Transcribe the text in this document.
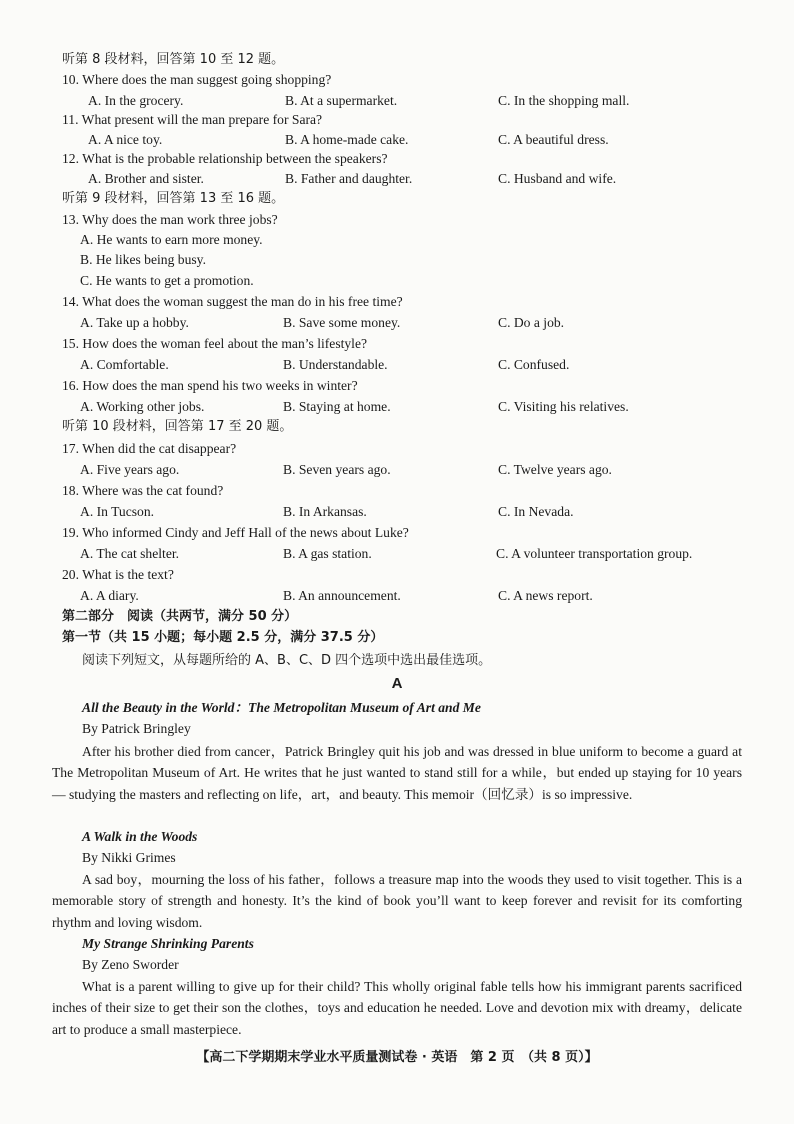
听第 8 段材料，回答第 10 至 12 题。
10. Where does the man suggest going shopping?
A. In the grocery.	B. At a supermarket.	C. In the shopping mall.
11. What present will the man prepare for Sara?
A. A nice toy.	B. A home-made cake.	C. A beautiful dress.
12. What is the probable relationship between the speakers?
A. Brother and sister.	B. Father and daughter.	C. Husband and wife.
听第 9 段材料，回答第 13 至 16 题。
13. Why does the man work three jobs?
A. He wants to earn more money.
B. He likes being busy.
C. He wants to get a promotion.
14. What does the woman suggest the man do in his free time?
A. Take up a hobby.	B. Save some money.	C. Do a job.
15. How does the woman feel about the man’s lifestyle?
A. Comfortable.	B. Understandable.	C. Confused.
16. How does the man spend his two weeks in winter?
A. Working other jobs.	B. Staying at home.	C. Visiting his relatives.
听第 10 段材料，回答第 17 至 20 题。
17. When did the cat disappear?
A. Five years ago.	B. Seven years ago.	C. Twelve years ago.
18. Where was the cat found?
A. In Tucson.	B. In Arkansas.	C. In Nevada.
19. Who informed Cindy and Jeff Hall of the news about Luke?
A. The cat shelter.	B. A gas station.	C. A volunteer transportation group.
20. What is the text?
A. A diary.	B. An announcement.	C. A news report.
第二部分　阅读（共两节，满分 50 分）
第一节（共 15 小题；每小题 2.5 分，满分 37.5 分）
阅读下列短文，从每题所给的 A、B、C、D 四个选项中选出最佳选项。
A
All the Beauty in the World：The Metropolitan Museum of Art and Me
By Patrick Bringley
After his brother died from cancer，Patrick Bringley quit his job and was dressed in blue uniform to become a guard at The Metropolitan Museum of Art. He writes that he just wanted to stand still for a while，but ended up staying for 10 years — studying the masters and reflecting on life，art，and beauty. This memoir（回忆录）is so impressive.
A Walk in the Woods
By Nikki Grimes
A sad boy，mourning the loss of his father，follows a treasure map into the woods they used to visit together. This is a memorable story of strength and honesty. It’s the kind of book you’ll want to keep forever and revisit for its comforting rhythm and loving wisdom.
My Strange Shrinking Parents
By Zeno Sworder
What is a parent willing to give up for their child? This wholly original fable tells how his immigrant parents sacrificed inches of their size to get their son the clothes，toys and education he needed. Love and devotion mix with dreamy，delicate art to produce a small masterpiece.
【高二下学期期末学业水平质量测试卷 · 英语　第 2 页　（共 8 页）】
